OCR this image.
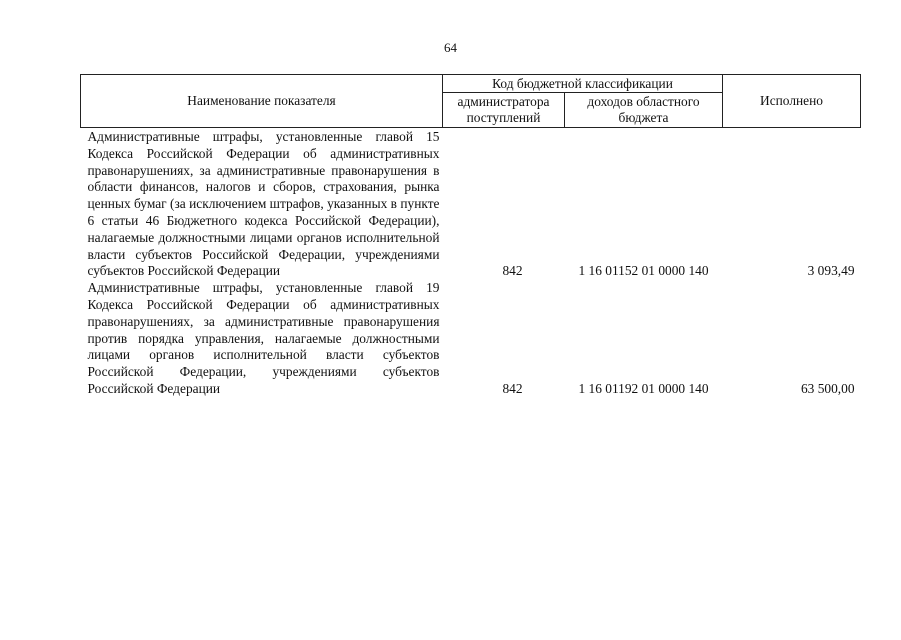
64
Наименование показателя	Код бюджетной классификации		Исполнено
	администратора поступлений	доходов областного бюджета	
Административные штрафы, установленные главой 15 Кодекса Российской Федерации об административных правонарушениях, за административные правонарушения в области финансов, налогов и сборов, страхования, рынка ценных бумаг (за исключением штрафов, указанных в пункте 6 статьи 46 Бюджетного кодекса Российской Федерации), налагаемые должностными лицами органов исполнительной власти субъектов Российской Федерации, учреждениями субъектов Российской Федерации	842	1 16 01152 01 0000 140	3 093,49
Административные штрафы, установленные главой 19 Кодекса Российской Федерации об административных правонарушениях, за административные правонарушения против порядка управления, налагаемые должностными лицами органов исполнительной власти субъектов Российской Федерации, учреждениями субъектов Российской Федерации	842	1 16 01192 01 0000 140	63 500,00
